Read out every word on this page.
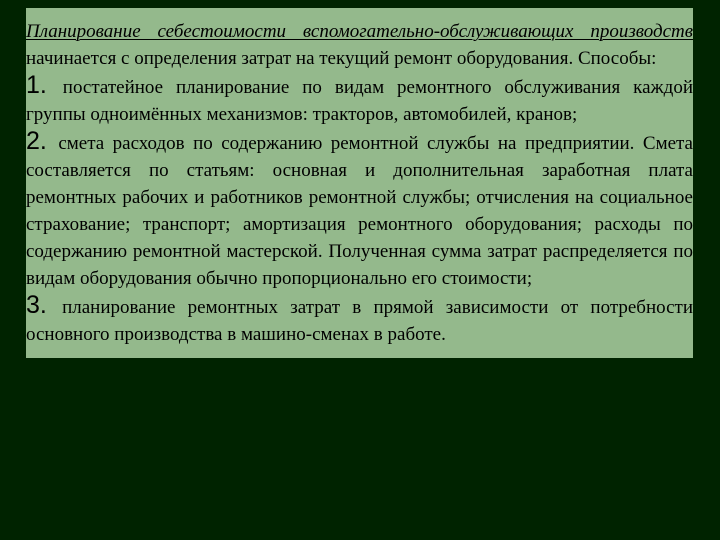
Планирование себестоимости вспомогательно-обслуживающих производств начинается с определения затрат на текущий ремонт оборудования. Способы:

1. постатейное планирование по видам ремонтного обслуживания каждой группы одноимённых механизмов: тракторов, автомобилей, кранов;

2. смета расходов по содержанию ремонтной службы на предприятии. Смета составляется по статьям: основная и дополнительная заработная плата ремонтных рабочих и работников ремонтной службы; отчисления на социальное страхование; транспорт; амортизация ремонтного оборудования; расходы по содержанию ремонтной мастерской. Полученная сумма затрат распределяется по видам оборудования обычно пропорционально его стоимости;

3. планирование ремонтных затрат в прямой зависимости от потребности основного производства в машино-сменах в работе.
